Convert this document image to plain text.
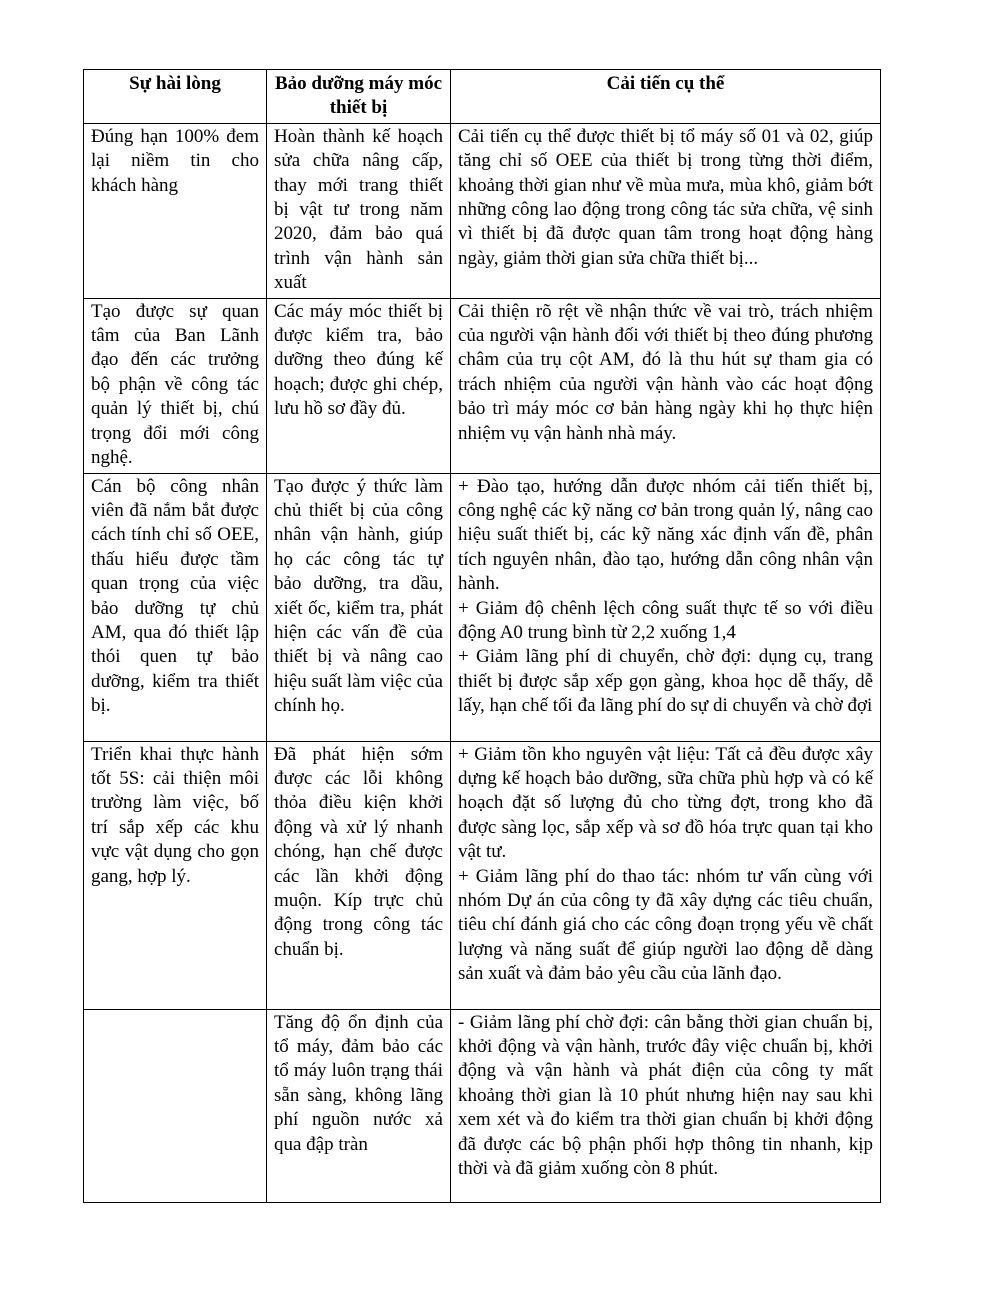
Sự hài lòng	Bảo dưỡng máy móc thiết bị	Cải tiến cụ thể

Đúng hạn 100% đem lại niềm tin cho khách hàng	Hoàn thành kế hoạch sửa chữa nâng cấp, thay mới trang thiết bị vật tư trong năm 2020, đảm bảo quá trình vận hành sản xuất	Cải tiến cụ thể được thiết bị tổ máy số 01 và 02, giúp tăng chỉ số OEE của thiết bị trong từng thời điểm, khoảng thời gian như về mùa mưa, mùa khô, giảm bớt những công lao động trong công tác sửa chữa, vệ sinh vì thiết bị đã được quan tâm trong hoạt động hàng ngày, giảm thời gian sửa chữa thiết bị...

Tạo được sự quan tâm của Ban Lãnh đạo đến các trưởng bộ phận về công tác quản lý thiết bị, chú trọng đổi mới công nghệ.	Các máy móc thiết bị được kiểm tra, bảo dưỡng theo đúng kế hoạch; được ghi chép, lưu hồ sơ đầy đủ.	Cải thiện rõ rệt về nhận thức về vai trò, trách nhiệm của người vận hành đối với thiết bị theo đúng phương châm của trụ cột AM, đó là thu hút sự tham gia có trách nhiệm của người vận hành vào các hoạt động bảo trì máy móc cơ bản hàng ngày khi họ thực hiện nhiệm vụ vận hành nhà máy.

Cán bộ công nhân viên đã nắm bắt được cách tính chỉ số OEE, thấu hiểu được tầm quan trọng của việc bảo dưỡng tự chủ AM, qua đó thiết lập thói quen tự bảo dưỡng, kiểm tra thiết bị.	Tạo được ý thức làm chủ thiết bị của công nhân vận hành, giúp họ các công tác tự bảo dưỡng, tra dầu, xiết ốc, kiểm tra, phát hiện các vấn đề của thiết bị và nâng cao hiệu suất làm việc của chính họ.	+ Đào tạo, hướng dẫn được nhóm cải tiến thiết bị, công nghệ các kỹ năng cơ bản trong quản lý, nâng cao hiệu suất thiết bị, các kỹ năng xác định vấn đề, phân tích nguyên nhân, đào tạo, hướng dẫn công nhân vận hành.

+ Giảm độ chênh lệch công suất thực tế so với điều động A0 trung bình từ 2,2 xuống 1,4

+ Giảm lãng phí di chuyển, chờ đợi: dụng cụ, trang thiết bị được sắp xếp gọn gàng, khoa học dễ thấy, dễ lấy, hạn chế tối đa lãng phí do sự di chuyển và chờ đợi

Triển khai thực hành tốt 5S: cải thiện môi trường làm việc, bố trí sắp xếp các khu vực vật dụng cho gọn gang, hợp lý.	Đã phát hiện sớm được các lỗi không thỏa điều kiện khởi động và xử lý nhanh chóng, hạn chế được các lần khởi động muộn. Kíp trực chủ động trong công tác chuẩn bị.	+ Giảm tồn kho nguyên vật liệu: Tất cả đều được xây dựng kế hoạch bảo dưỡng, sữa chữa phù hợp và có kế hoạch đặt số lượng đủ cho từng đợt, trong kho đã được sàng lọc, sắp xếp và sơ đồ hóa trực quan tại kho vật tư.

+ Giảm lãng phí do thao tác: nhóm tư vấn cùng với nhóm Dự án của công ty đã xây dựng các tiêu chuẩn, tiêu chí đánh giá cho các công đoạn trọng yếu về chất lượng và năng suất để giúp người lao động dễ dàng sản xuất và đảm bảo yêu cầu của lãnh đạo.

	Tăng độ ổn định của tổ máy, đảm bảo các tổ máy luôn trạng thái sẵn sàng, không lãng phí nguồn nước xả qua đập tràn	- Giảm lãng phí chờ đợi: cân bằng thời gian chuẩn bị, khởi động và vận hành, trước đây việc chuẩn bị, khởi động và vận hành và phát điện của công ty mất khoảng thời gian là 10 phút nhưng hiện nay sau khi xem xét và đo kiểm tra thời gian chuẩn bị khởi động đã được các bộ phận phối hợp thông tin nhanh, kịp thời và đã giảm xuống còn 8 phút.
